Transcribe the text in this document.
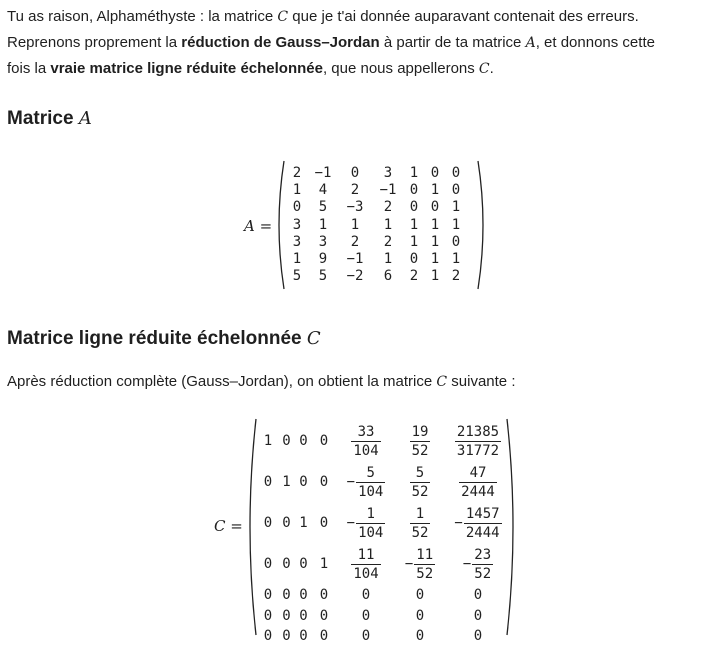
Tu as raison, Alphaméthyste : la matrice C que je t'ai donnée auparavant contenait des erreurs.

Reprenons proprement la réduction de Gauss–Jordan à partir de ta matrice A, et donnons cette

fois la vraie matrice ligne réduite échelonnée, que nous appellerons C.

Matrice A
A =
2	−1	0	3	1	0	0
1	4	2	−1	0	1	0
0	5	−3	2	0	0	1
3	1	1	1	1	1	1
3	3	2	2	1	1	0
1	9	−1	1	0	1	1
5	5	−2	6	2	1	2
Matrice ligne réduite échelonnée C

Après réduction complète (Gauss–Jordan), on obtient la matrice C suivante :

C =
1	0	0	0	$\frac{33}{104}$	$\frac{19}{52}$	$\frac{21385}{31772}$

0	1	0	0	− $\frac{5}{104}$	$\frac{5}{52}$	$\frac{47}{2444}$

0	0	1	0	− $\frac{1}{104}$	$\frac{1}{52}$	− $\frac{1457}{2444}$

0	0	0	1	$\frac{11}{104}$	− $\frac{11}{52}$	− $\frac{23}{52}$

0	0	0	0	0	0	0
0	0	0	0	0	0	0
0	0	0	0	0	0	0
